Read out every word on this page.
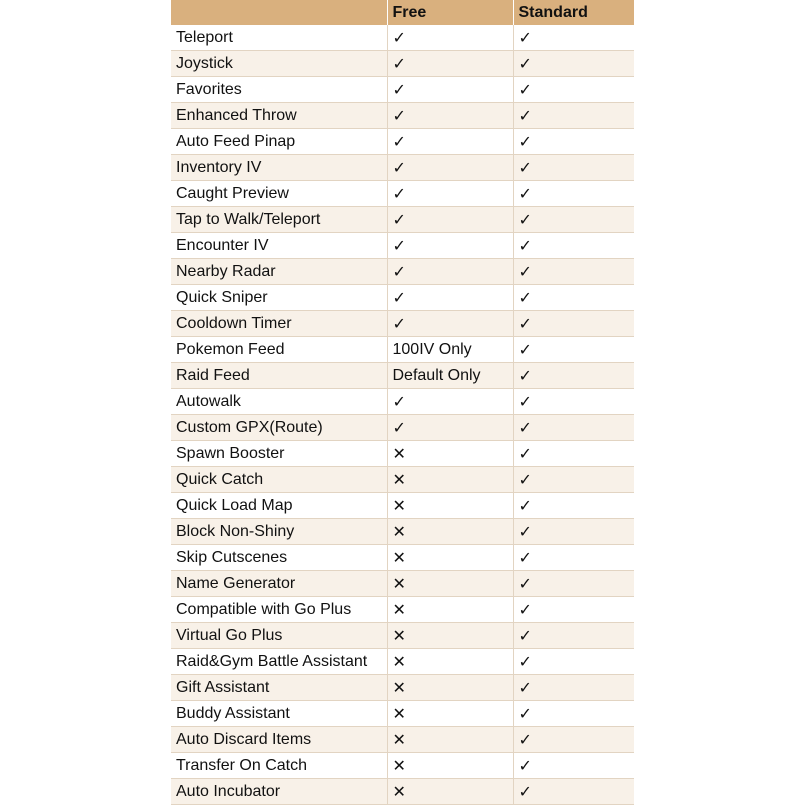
	Free	Standard
Teleport	✓	✓
Joystick	✓	✓
Favorites	✓	✓
Enhanced Throw	✓	✓
Auto Feed Pinap	✓	✓
Inventory IV	✓	✓
Caught Preview	✓	✓
Tap to Walk/Teleport	✓	✓
Encounter IV	✓	✓
Nearby Radar	✓	✓
Quick Sniper	✓	✓
Cooldown Timer	✓	✓
Pokemon Feed	100IV Only	✓
Raid Feed	Default Only	✓
Autowalk	✓	✓
Custom GPX(Route)	✓	✓
Spawn Booster	✕	✓
Quick Catch	✕	✓
Quick Load Map	✕	✓
Block Non-Shiny	✕	✓
Skip Cutscenes	✕	✓
Name Generator	✕	✓
Compatible with Go Plus	✕	✓
Virtual Go Plus	✕	✓
Raid&Gym Battle Assistant	✕	✓
Gift Assistant	✕	✓
Buddy Assistant	✕	✓
Auto Discard Items	✕	✓
Transfer On Catch	✕	✓
Auto Incubator	✕	✓
